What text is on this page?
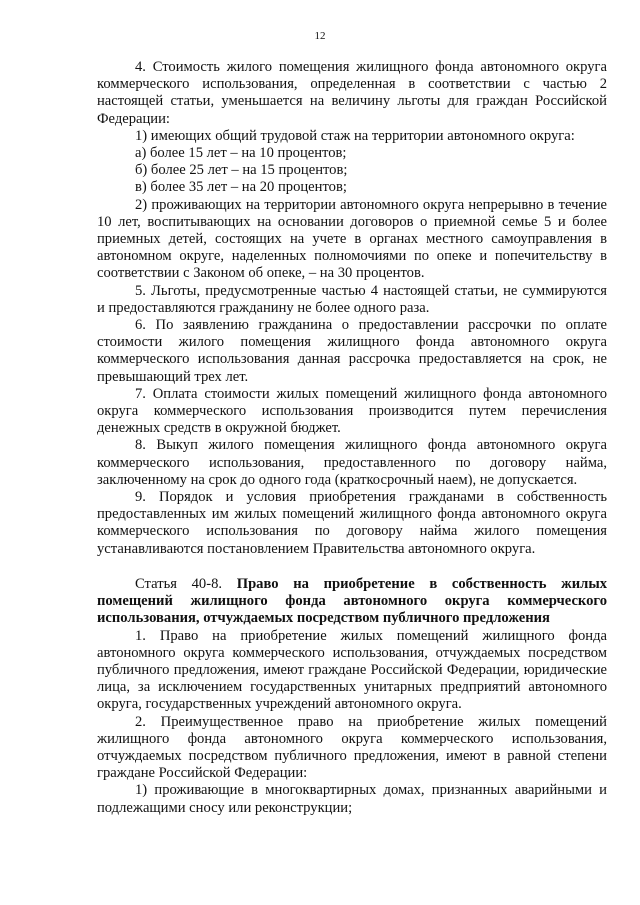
12

4. Стоимость жилого помещения жилищного фонда автономного округа коммерческого использования, определенная в соответствии с частью 2 настоящей статьи, уменьшается на величину льготы для граждан Российской Федерации:

1) имеющих общий трудовой стаж на территории автономного округа:

а) более 15 лет – на 10 процентов;

б) более 25 лет – на 15 процентов;

в) более 35 лет – на 20 процентов;

2) проживающих на территории автономного округа непрерывно в течение 10 лет, воспитывающих на основании договоров о приемной семье 5 и более приемных детей, состоящих на учете в органах местного самоуправления в автономном округе, наделенных полномочиями по опеке и попечительству в соответствии с Законом об опеке, – на 30 процентов.

5. Льготы, предусмотренные частью 4 настоящей статьи, не суммируются и предоставляются гражданину не более одного раза.

6. По заявлению гражданина о предоставлении рассрочки по оплате стоимости жилого помещения жилищного фонда автономного округа коммерческого использования данная рассрочка предоставляется на срок, не превышающий трех лет.

7. Оплата стоимости жилых помещений жилищного фонда автономного округа коммерческого использования производится путем перечисления денежных средств в окружной бюджет.

8. Выкуп жилого помещения жилищного фонда автономного округа коммерческого использования, предоставленного по договору найма, заключенному на срок до одного года (краткосрочный наем), не допускается.

9. Порядок и условия приобретения гражданами в собственность предоставленных им жилых помещений жилищного фонда автономного округа коммерческого использования по договору найма жилого помещения устанавливаются постановлением Правительства автономного округа.

Статья 40-8. Право на приобретение в собственность жилых помещений жилищного фонда автономного округа коммерческого использования, отчуждаемых посредством публичного предложения

1. Право на приобретение жилых помещений жилищного фонда автономного округа коммерческого использования, отчуждаемых посредством публичного предложения, имеют граждане Российской Федерации, юридические лица, за исключением государственных унитарных предприятий автономного округа, государственных учреждений автономного округа.

2. Преимущественное право на приобретение жилых помещений жилищного фонда автономного округа коммерческого использования, отчуждаемых посредством публичного предложения, имеют в равной степени граждане Российской Федерации:

1) проживающие в многоквартирных домах, признанных аварийными и подлежащими сносу или реконструкции;
